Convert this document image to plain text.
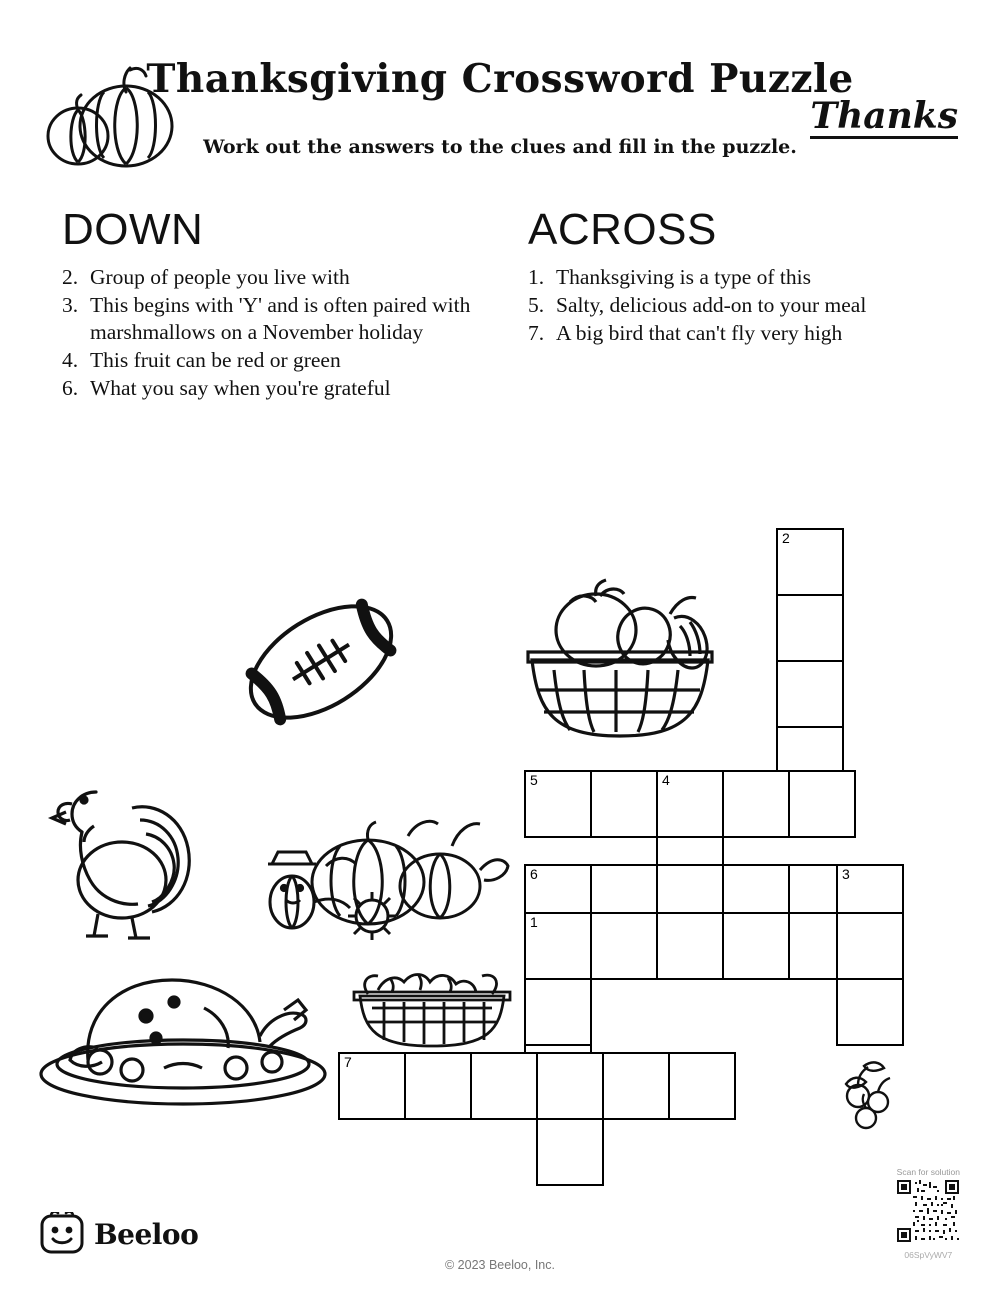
Thanksgiving Crossword Puzzle
Work out the answers to the clues and fill in the puzzle.
Thanks
DOWN
2. Group of people you live with
3. This begins with 'Y' and is often paired with marshmallows on a November holiday
4. This fruit can be red or green
6. What you say when you're grateful
ACROSS
1. Thanksgiving is a type of this
5. Salty, delicious add-on to your meal
7. A big bird that can't fly very high
2
5	4
6	3
1
7
Beeloo
© 2023 Beeloo, Inc.
Scan for solution
06SpVyWV7
